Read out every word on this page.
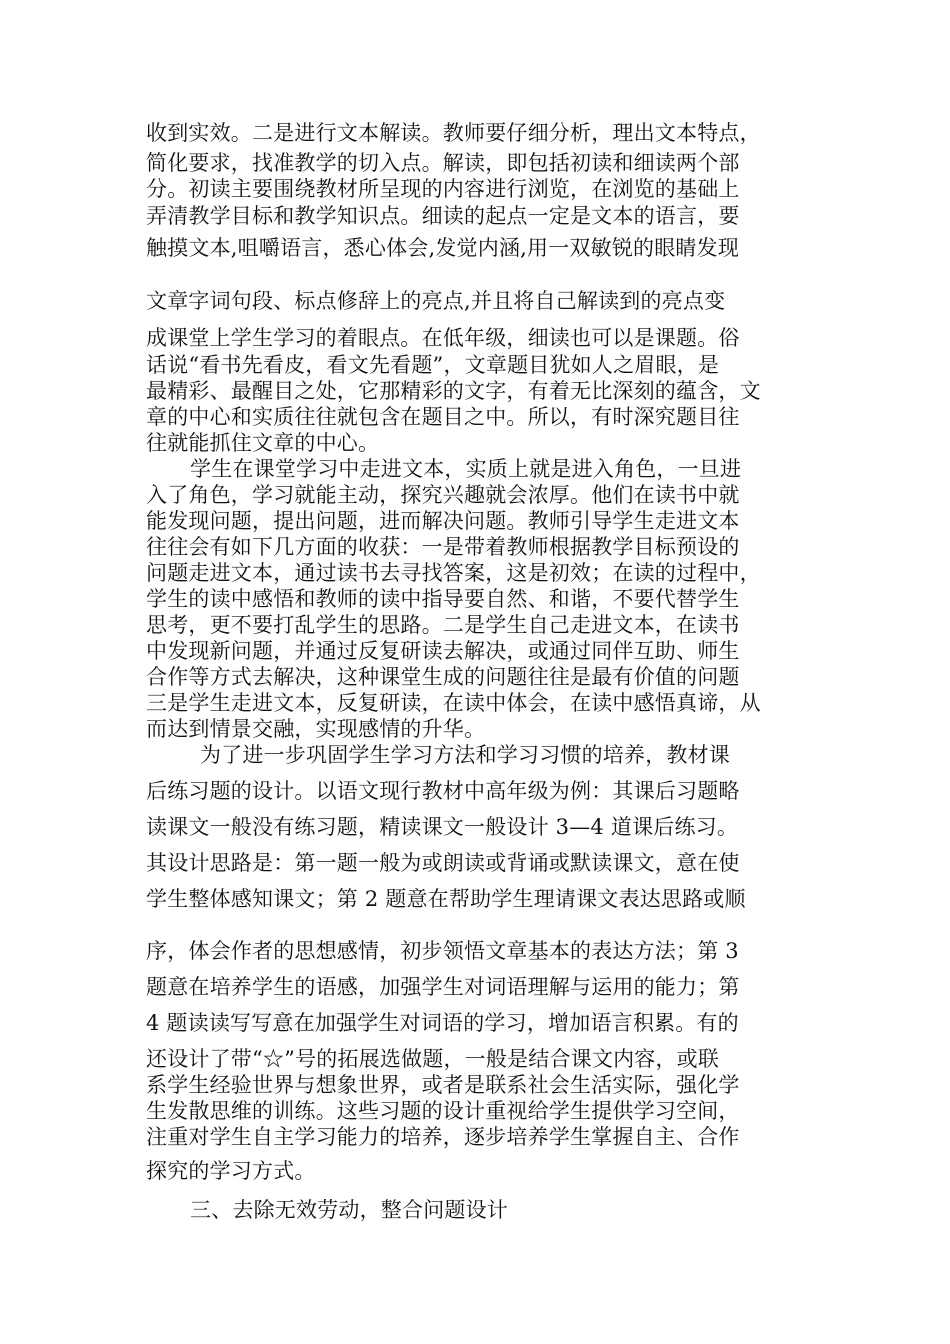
收到实效。二是进行文本解读。教师要仔细分析，理出文本特点，
简化要求，找准教学的切入点。解读，即包括初读和细读两个部
分。初读主要围绕教材所呈现的内容进行浏览，在浏览的基础上
弄清教学目标和教学知识点。细读的起点一定是文本的语言，要
触摸文本,咀嚼语言，悉心体会,发觉内涵,用一双敏锐的眼睛发现
文章字词句段、标点修辞上的亮点,并且将自己解读到的亮点变
成课堂上学生学习的着眼点。在低年级，细读也可以是课题。俗
话说“看书先看皮，看文先看题”，文章题目犹如人之眉眼，是
最精彩、最醒目之处，它那精彩的文字，有着无比深刻的蕴含，文
章的中心和实质往往就包含在题目之中。所以，有时深究题目往
往就能抓住文章的中心。
学生在课堂学习中走进文本，实质上就是进入角色，一旦进
入了角色，学习就能主动，探究兴趣就会浓厚。他们在读书中就
能发现问题，提出问题，进而解决问题。教师引导学生走进文本
往往会有如下几方面的收获：一是带着教师根据教学目标预设的
问题走进文本，通过读书去寻找答案，这是初效；在读的过程中，
学生的读中感悟和教师的读中指导要自然、和谐，不要代替学生
思考，更不要打乱学生的思路。二是学生自己走进文本，在读书
中发现新问题，并通过反复研读去解决，或通过同伴互助、师生
合作等方式去解决，这种课堂生成的问题往往是最有价值的问题
三是学生走进文本，反复研读，在读中体会，在读中感悟真谛，从
而达到情景交融，实现感情的升华。
为了进一步巩固学生学习方法和学习习惯的培养，教材课
后练习题的设计。以语文现行教材中高年级为例：其课后习题略
读课文一般没有练习题，精读课文一般设计 3—4 道课后练习。
其设计思路是：第一题一般为或朗读或背诵或默读课文，意在使
学生整体感知课文；第 2 题意在帮助学生理请课文表达思路或顺
序，体会作者的思想感情，初步领悟文章基本的表达方法；第 3
题意在培养学生的语感，加强学生对词语理解与运用的能力；第
4 题读读写写意在加强学生对词语的学习，增加语言积累。有的
还设计了带“☆”号的拓展选做题，一般是结合课文内容，或联
系学生经验世界与想象世界，或者是联系社会生活实际，强化学
生发散思维的训练。这些习题的设计重视给学生提供学习空间，
注重对学生自主学习能力的培养，逐步培养学生掌握自主、合作
探究的学习方式。
三、去除无效劳动，整合问题设计
